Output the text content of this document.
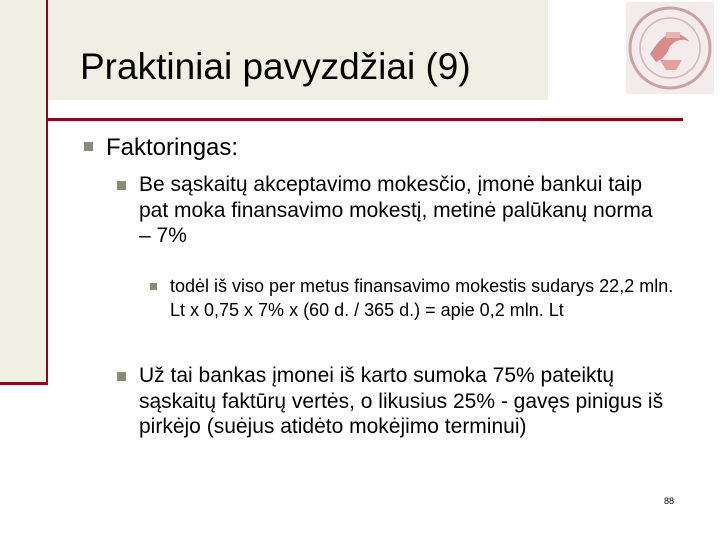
Praktiniai pavyzdžiai (9)
Faktoringas:
Be sąskaitų akceptavimo mokesčio, įmonė bankui taip pat moka finansavimo mokestį, metinė palūkanų norma – 7%
todėl iš viso per metus finansavimo mokestis sudarys 22,2 mln. Lt x 0,75 x 7% x (60 d. / 365 d.) = apie 0,2 mln. Lt
Už tai bankas įmonei iš karto sumoka 75% pateiktų sąskaitų faktūrų vertės, o likusius 25% - gavęs pinigus iš pirkėjo (suėjus atidėto mokėjimo terminui)
88
